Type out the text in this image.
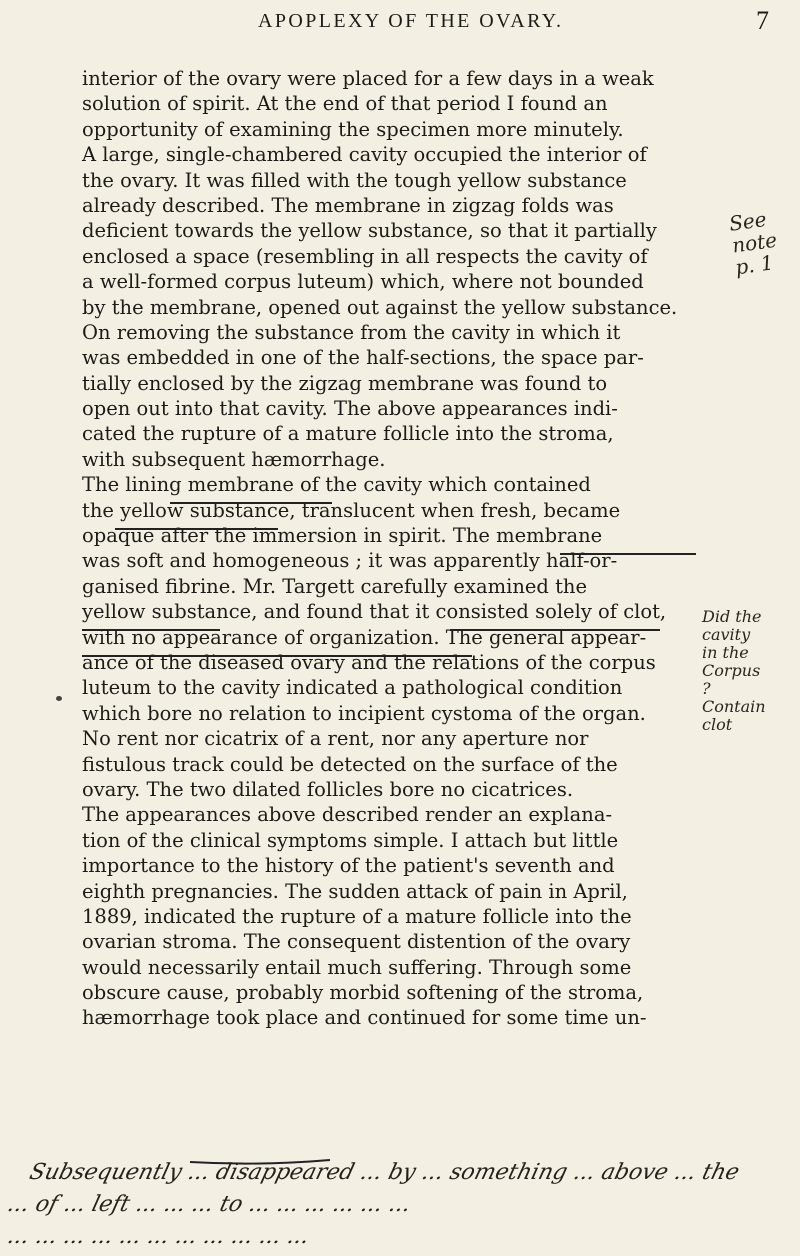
APOPLEXY OF THE OVARY.	7
interior of the ovary were placed for a few days in a weak
solution of spirit. At the end of that period I found an
opportunity of examining the specimen more minutely.
A large, single-chambered cavity occupied the interior of
the ovary. It was filled with the tough yellow substance
already described. The membrane in zigzag folds was
deficient towards the yellow substance, so that it partially
enclosed a space (resembling in all respects the cavity of
a well-formed corpus luteum) which, where not bounded
by the membrane, opened out against the yellow substance.
On removing the substance from the cavity in which it
was embedded in one of the half-sections, the space par-
tially enclosed by the zigzag membrane was found to
open out into that cavity. The above appearances indi-
cated the rupture of a mature follicle into the stroma,
with subsequent hæmorrhage.
The lining membrane of the cavity which contained
the yellow substance, translucent when fresh, became
opaque after the immersion in spirit. The membrane
was soft and homogeneous ; it was apparently half-or-
ganised fibrine. Mr. Targett carefully examined the
yellow substance, and found that it consisted solely of clot,
with no appearance of organization. The general appear-
ance of the diseased ovary and the relations of the corpus
luteum to the cavity indicated a pathological condition
which bore no relation to incipient cystoma of the organ.
No rent nor cicatrix of a rent, nor any aperture nor
fistulous track could be detected on the surface of the
ovary. The two dilated follicles bore no cicatrices.
The appearances above described render an explana-
tion of the clinical symptoms simple. I attach but little
importance to the history of the patient's seventh and
eighth pregnancies. The sudden attack of pain in April,
1889, indicated the rupture of a mature follicle into the
ovarian stroma. The consequent distention of the ovary
would necessarily entail much suffering. Through some
obscure cause, probably morbid softening of the stroma,
hæmorrhage took place and continued for some time un-
See
note
p. 1
Did the
cavity
in the
Corpus
?
Contain
clot
Subsequently ... disappeared ... by ... something ... above ... the
... of ... left ... ... ... to ... ... ... ... ... ...
... ... ... ... ... ... ... ... ... ... ...
